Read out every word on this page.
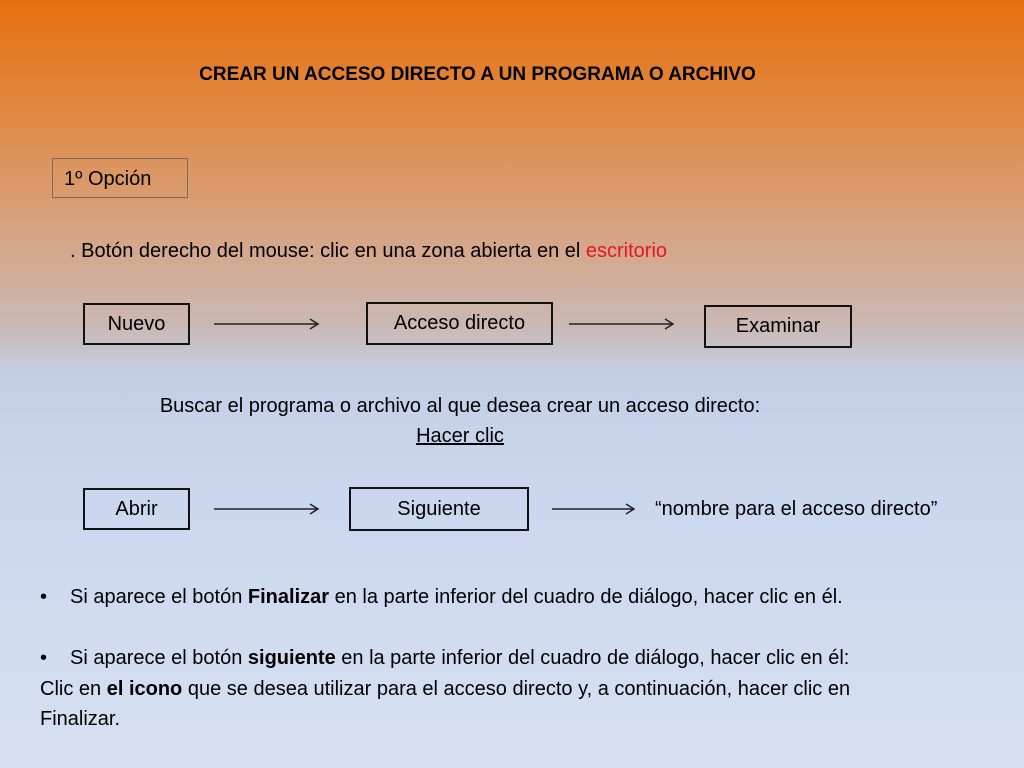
CREAR UN ACCESO DIRECTO A UN PROGRAMA O ARCHIVO
1º Opción
. Botón derecho del mouse: clic en una zona abierta en el escritorio
Nuevo	Acceso directo	Examinar
Buscar el programa o archivo al que desea crear un acceso directo:
Hacer clic
Abrir	Siguiente	“nombre para el acceso directo”
• Si aparece el botón Finalizar en la parte inferior del cuadro de diálogo, hacer clic en él.
• Si aparece el botón siguiente en la parte inferior del cuadro de diálogo, hacer clic en él:
Clic en el icono que se desea utilizar para el acceso directo y, a continuación, hacer clic en
Finalizar.
